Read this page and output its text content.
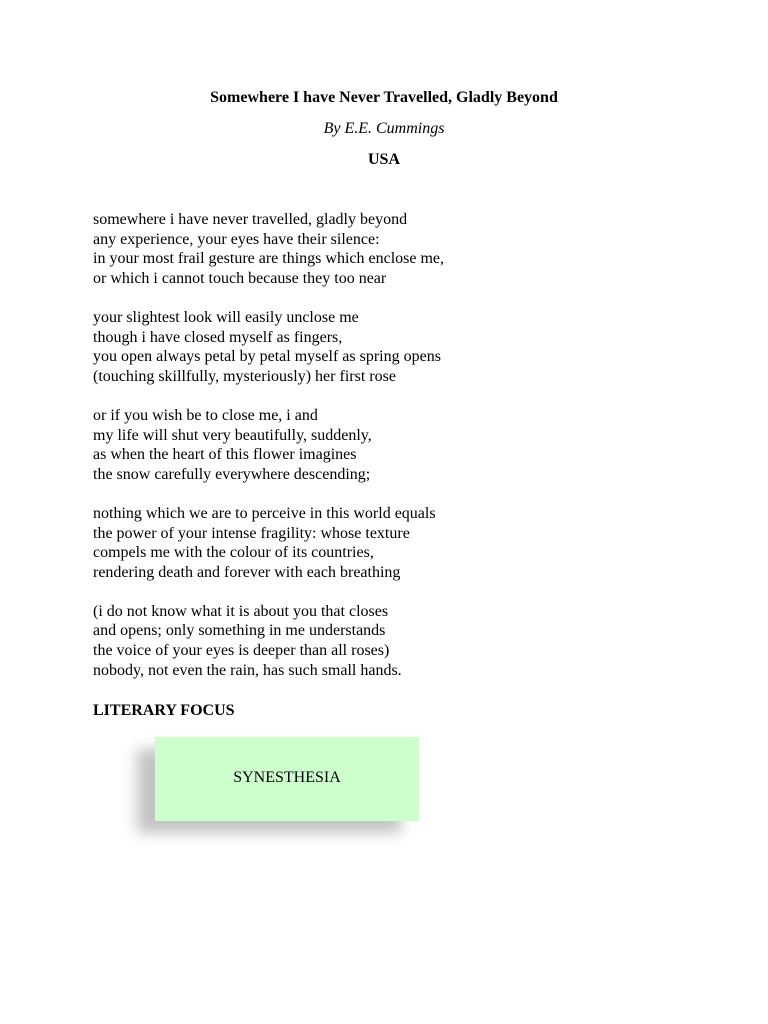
Somewhere I have Never Travelled, Gladly Beyond
By E.E. Cummings
USA
somewhere i have never travelled, gladly beyond
any experience, your eyes have their silence:
in your most frail gesture are things which enclose me,
or which i cannot touch because they too near
your slightest look will easily unclose me
though i have closed myself as fingers,
you open always petal by petal myself as spring opens
(touching skillfully, mysteriously) her first rose
or if you wish be to close me, i and
my life will shut very beautifully, suddenly,
as when the heart of this flower imagines
the snow carefully everywhere descending;
nothing which we are to perceive in this world equals
the power of your intense fragility: whose texture
compels me with the colour of its countries,
rendering death and forever with each breathing
(i do not know what it is about you that closes
and opens; only something in me understands
the voice of your eyes is deeper than all roses)
nobody, not even the rain, has such small hands.
LITERARY FOCUS
SYNESTHESIA
